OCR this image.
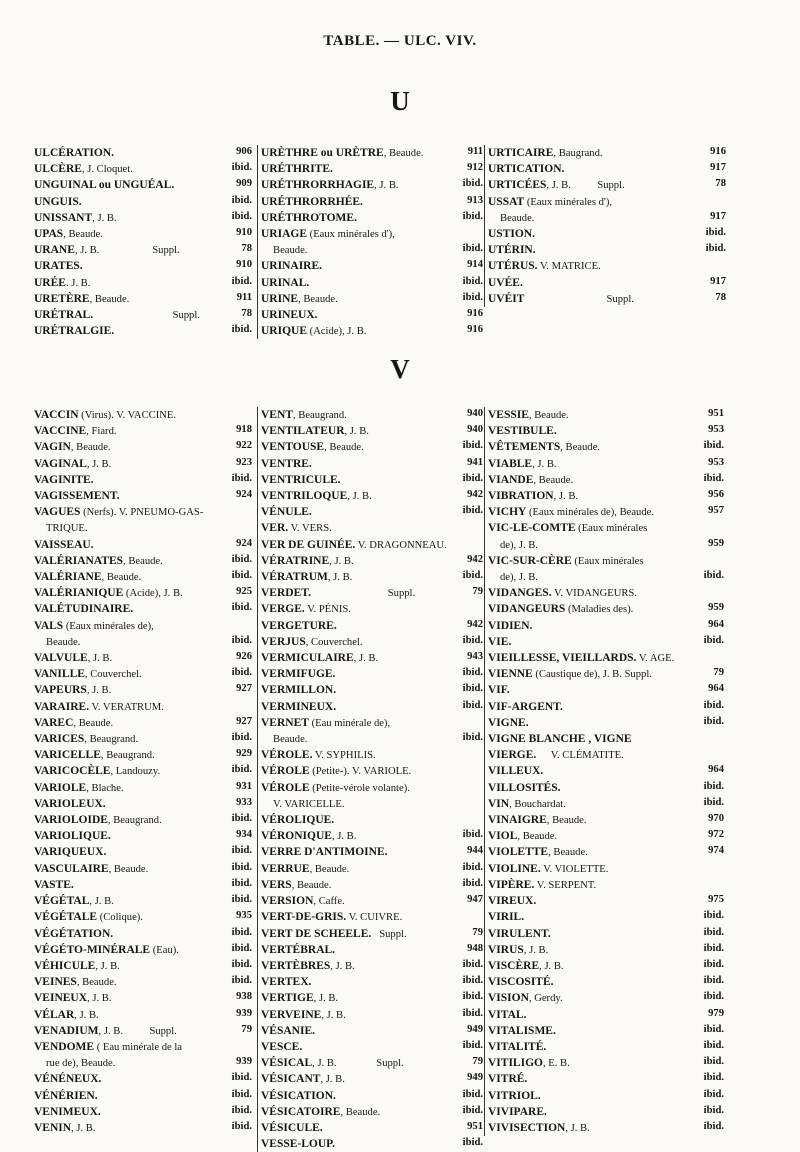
TABLE. — ULC. VIV.
U
ULCÉRATION.	906
ULCÈRE, J. Cloquet.	ibid.
UNGUINAL ou UNGUÉAL.	909
UNGUIS.	ibid.
UNISSANT, J. B.	ibid.
UPAS, Beaude.	910
URANE, J. B.                    Suppl.	78
URATES.	910
URÉE. J. B.	ibid.
URETÈRE, Beaude.	911
URÉTRAL.                              Suppl.	78
URÉTRALGIE.	ibid.
URÈTHRE ou URÈTRE, Beaude.	911
URÉTHRITE.	912
URÉTHRORRHAGIE, J. B.	ibid.
URÉTHRORRHÉE.	913
URÉTHROTOME.	ibid.
URIAGE (Eaux minérales d'),
Beaude.	ibid.
URINAIRE.	914
URINAL.	ibid.
URINE, Beaude.	ibid.
URINEUX.	916
URIQUE (Acide), J. B.	916
URTICAIRE, Baugrand.	916
URTICATION.	917
URTICÉES, J. B.          Suppl.	78
USSAT (Eaux minérales d'),
Beaude.	917
USTION.	ibid.
UTÉRIN.	ibid.
UTÉRUS. V. MATRICE.
UVÉE.	917
UVÉIT                               Suppl.	78
V
VACCIN (Virus). V. VACCINE.
VACCINE, Fiard.	918
VAGIN, Beaude.	922
VAGINAL, J. B.	923
VAGINITE.	ibid.
VAGISSEMENT.	924
VAGUES (Nerfs). V. PNEUMO-GAS-
TRIQUE.
VAISSEAU.	924
VALÉRIANATES, Beaude.	ibid.
VALÉRIANE, Beaude.	ibid.
VALÉRIANIQUE (Acide), J. B.	925
VALÉTUDINAIRE.	ibid.
VALS (Eaux minérales de),
Beaude.	ibid.
VALVULE, J. B.	926
VANILLE, Couverchel.	ibid.
VAPEURS, J. B.	927
VARAIRE. V. VERATRUM.
VAREC, Beaude.	927
VARICES, Beaugrand.	ibid.
VARICELLE, Beaugrand.	929
VARICOCÈLE, Landouzy.	ibid.
VARIOLE, Blache.	931
VARIOLEUX.	933
VARIOLOIDE, Beaugrand.	ibid.
VARIOLIQUE.	934
VARIQUEUX.	ibid.
VASCULAIRE, Beaude.	ibid.
VASTE.	ibid.
VÉGÉTAL, J. B.	ibid.
VÉGÉTALE (Colique).	935
VÉGÉTATION.	ibid.
VÉGÉTO-MINÉRALE (Eau).	ibid.
VÉHICULE, J. B.	ibid.
VEINES, Beaude.	ibid.
VEINEUX, J. B.	938
VÉLAR, J. B.	939
VENADIUM, J. B.          Suppl.	79
VENDOME ( Eau minérale de la
rue de), Beaude.	939
VÉNÉNEUX.	ibid.
VÉNÉRIEN.	ibid.
VENIMEUX.	ibid.
VENIN, J. B.	ibid.
VENT, Beaugrand.	940
VENTILATEUR, J. B.	940
VENTOUSE, Beaude.	ibid.
VENTRE.	941
VENTRICULE.	ibid.
VENTRILOQUE, J. B.	942
VÉNULE.	ibid.
VER. V. VERS.
VER DE GUINÉE. V. DRAGONNEAU.
VÉRATRINE, J. B.	942
VÉRATRUM, J. B.	ibid.
VERDET.                             Suppl.	79
VERGE. V. PÉNIS.
VERGETURE.	942
VERJUS, Couverchel.	ibid.
VERMICULAIRE, J. B.	943
VERMIFUGE.	ibid.
VERMILLON.	ibid.
VERMINEUX.	ibid.
VERNET (Eau minérale de),
Beaude.	ibid.
VÉROLE. V. SYPHILIS.
VÉROLE (Petite-). V. VARIOLE.
VÉROLE (Petite-vérole volante).
V. VARICELLE.
VÉROLIQUE.
VÉRONIQUE, J. B.	ibid.
VERRE D'ANTIMOINE.	944
VERRUE, Beaude.	ibid.
VERS, Beaude.	ibid.
VERSION, Caffe.	947
VERT-DE-GRIS. V. CUIVRE.
VERT DE SCHEELE.   Suppl.	79
VERTÉBRAL.	948
VERTÈBRES, J. B.	ibid.
VERTEX.	ibid.
VERTIGE, J. B.	ibid.
VERVEINE, J. B.	ibid.
VÉSANIE.	949
VESCE.	ibid.
VÉSICAL, J. B.               Suppl.	79
VÉSICANT, J. B.	949
VÉSICATION.	ibid.
VÉSICATOIRE, Beaude.	ibid.
VÉSICULE.	951
VESSE-LOUP.	ibid.
VESSIE, Beaude.	951
VESTIBULE.	953
VÊTEMENTS, Beaude.	ibid.
VIABLE, J. B.	953
VIANDE, Beaude.	ibid.
VIBRATION, J. B.	956
VICHY (Eaux minérales de), Beaude.	957
VIC-LE-COMTE (Eaux minérales
de), J. B.	959
VIC-SUR-CÈRE (Eaux minérales
de), J. B.	ibid.
VIDANGES. V. VIDANGEURS.
VIDANGEURS (Maladies des).	959
VIDIEN.	964
VIE.	ibid.
VIEILLESSE, VIEILLARDS. V. AGE.
VIENNE (Caustique de), J. B. Suppl.	79
VIF.	964
VIF-ARGENT.	ibid.
VIGNE.	ibid.
VIGNE BLANCHE , VIGNE
VIERGE. V. CLÉMATITE.
VILLEUX.	964
VILLOSITÉS.	ibid.
VIN, Bouchardat.	ibid.
VINAIGRE, Beaude.	970
VIOL, Beaude.	972
VIOLETTE, Beaude.	974
VIOLINE. V. VIOLETTE.
VIPÈRE. V. SERPENT.
VIREUX.	975
VIRIL.	ibid.
VIRULENT.	ibid.
VIRUS, J. B.	ibid.
VISCÈRE, J. B.	ibid.
VISCOSITÉ.	ibid.
VISION, Gerdy.	ibid.
VITAL.	979
VITALISME.	ibid.
VITALITÉ.	ibid.
VITILIGO, E. B.	ibid.
VITRÉ.	ibid.
VITRIOL.	ibid.
VIVIPARE.	ibid.
VIVISECTION, J. B.	ibid.
